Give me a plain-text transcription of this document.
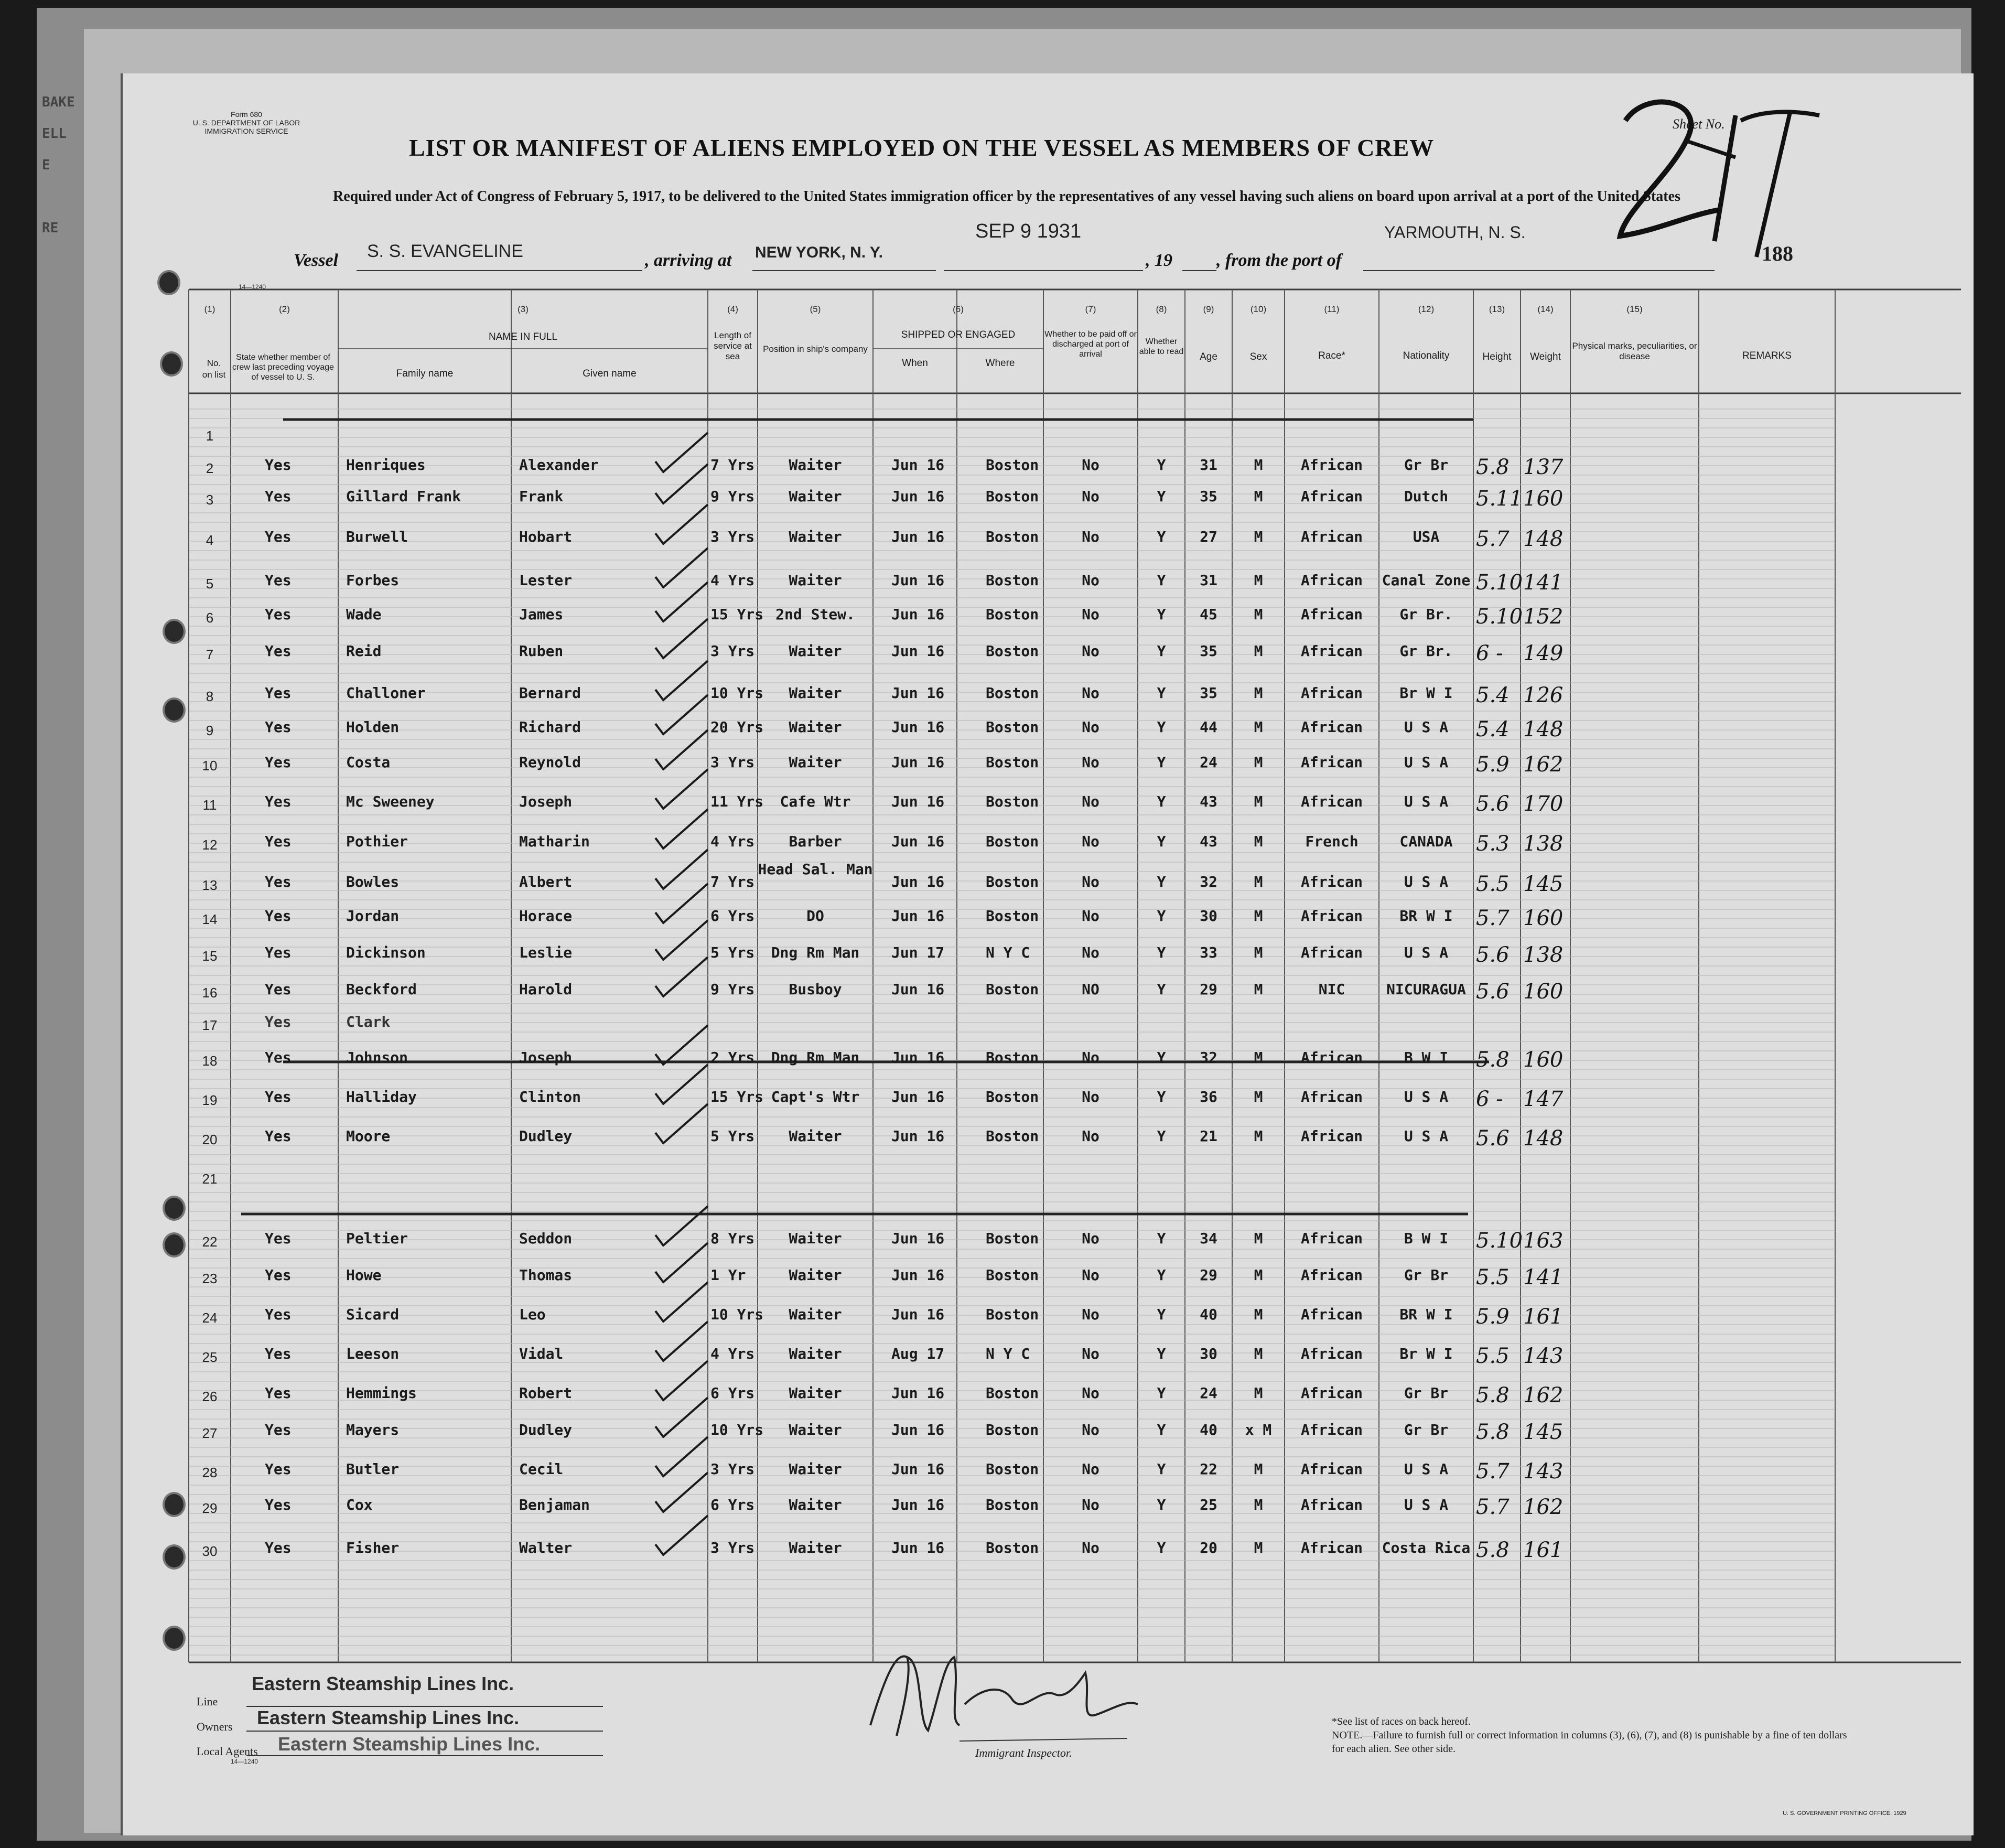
BAKE
ELL
E
RE
Form 680
U. S. DEPARTMENT OF LABOR
IMMIGRATION SERVICE
LIST OR MANIFEST OF ALIENS EMPLOYED ON THE VESSEL AS MEMBERS OF CREW
Required under Act of Congress of February 5, 1917, to be delivered to the United States immigration officer by the representatives of any vessel having such aliens on board upon arrival at a port of the United States
Sheet No.
188
14—1240
Vessel S. S. EVANGELINE	, arriving at NEW YORK, N. Y.
SEP 9 1931
, 19 , from the port of
YARMOUTH, N. S.
No. on list
State whether member of crew last preceding voyage of vessel to U. S.
NAME IN FULL
Family name	Given name
Length of service at sea
Position in ship's company
SHIPPED OR ENGAGED
When	Where
Whether to be paid off or discharged at port of arrival
Whether able to read	Age	Sex	Race*	Nationality	Height	Weight
Physical marks, peculiarities, or disease	REMARKS
(1)	(2)	(3)	(4)	(5)	(6)	(7)	(8)	(9)	(10)	(11)	(12)	(13)	(14)	(15)
1
2	Yes	Henriques	Alexander	7 Yrs	Waiter	Jun 16	Boston	No	Y	31	M	African	Gr Br	5.8 137
3	Yes	Gillard Frank	Frank	9 Yrs	Waiter	Jun 16	Boston	No	Y	35	M	African	Dutch	5.11 160
4	Yes	Burwell	Hobart	3 Yrs	Waiter	Jun 16	Boston	No	Y	27	M	African	USA	5.7 148
5	Yes	Forbes	Lester	4 Yrs	Waiter	Jun 16	Boston	No	Y	31	M	African	Canal Zone 5.10 141
6	Yes	Wade	James	15 Yrs 2nd Stew.	Jun 16	Boston	No	Y	45	M	African	Gr Br.	5.10 152
7	Yes	Reid	Ruben	3 Yrs	Waiter	Jun 16	Boston	No	Y	35	M	African	Gr Br.	6 - 149
8	Yes	Challoner	Bernard	10 Yrs	Waiter	Jun 16	Boston	No	Y	35	M	African	Br W I	5.4 126
9	Yes	Holden	Richard	20 Yrs	Waiter	Jun 16	Boston	No	Y	44	M	African	U S A	5.4 148
10	Yes	Costa	Reynold	3 Yrs	Waiter	Jun 16	Boston	No	Y	24	M	African	U S A	5.9 162
11	Yes	Mc Sweeney	Joseph	11 Yrs	Cafe Wtr	Jun 16	Boston	No	Y	43	M	African	U S A	5.6 170
12	Yes	Pothier	Matharin	4 Yrs	Barber	Jun 16	Boston	No	Y	43	M	French	CANADA	5.3 138
13	Yes	Bowles	Albert	7 Yrs
Head Sal. Man
Jun 16	Boston	No	Y	32	M	African	U S A	5.5 145
14	Yes	Jordan	Horace	6 Yrs	DO	Jun 16	Boston	No	Y	30	M	African	BR W I	5.7 160
15	Yes	Dickinson	Leslie	5 Yrs	Dng Rm Man	Jun 17	N Y C	No	Y	33	M	African	U S A	5.6 138
16	Yes	Beckford	Harold	9 Yrs	Busboy	Jun 16	Boston	NO	Y	29	M	NIC	NICURAGUA 5.6 160
17	Yes	Clark
18	Yes	Johnson	Joseph	2 Yrs	Dng Rm Man	Jun 16	Boston	No	Y	32	M	African	B W I	5.8 160
19	Yes	Halliday	Clinton	15 Yrs Capt's Wtr	Jun 16	Boston	No	Y	36	M	African	U S A	6 - 147
20	Yes	Moore	Dudley	5 Yrs	Waiter	Jun 16	Boston	No	Y	21	M	African	U S A	5.6 148
21
22	Yes	Peltier	Seddon	8 Yrs	Waiter	Jun 16	Boston	No	Y	34	M	African	B W I	5.10 163
23	Yes	Howe	Thomas	1 Yr	Waiter	Jun 16	Boston	No	Y	29	M	African	Gr Br	5.5 141
24	Yes	Sicard	Leo	10 Yrs	Waiter	Jun 16	Boston	No	Y	40	M	African	BR W I	5.9 161
25	Yes	Leeson	Vidal	4 Yrs	Waiter	Aug 17	N Y C	No	Y	30	M	African	Br W I	5.5 143
26	Yes	Hemmings	Robert	6 Yrs	Waiter	Jun 16	Boston	No	Y	24	M	African	Gr Br	5.8 162
27	Yes	Mayers	Dudley	10 Yrs	Waiter	Jun 16	Boston	No	Y	40	x M	African	Gr Br	5.8 145
28	Yes	Butler	Cecil	3 Yrs	Waiter	Jun 16	Boston	No	Y	22	M	African	U S A	5.7 143
29	Yes	Cox	Benjaman	6 Yrs	Waiter	Jun 16	Boston	No	Y	25	M	African	U S A	5.7 162
30	Yes	Fisher	Walter	3 Yrs	Waiter	Jun 16	Boston	No	Y	20	M	African	Costa Rica 5.8 161
Line
Owners
Local Agents
14—1240
Eastern Steamship Lines Inc.
Eastern Steamship Lines Inc.
Eastern Steamship Lines Inc.	Immigrant Inspector.
*See list of races on back hereof.
NOTE.—Failure to furnish full or correct information in columns (3), (6), (7), and (8) is punishable by a fine of ten dollars for each alien. See other side.
U. S. GOVERNMENT PRINTING OFFICE: 1929
